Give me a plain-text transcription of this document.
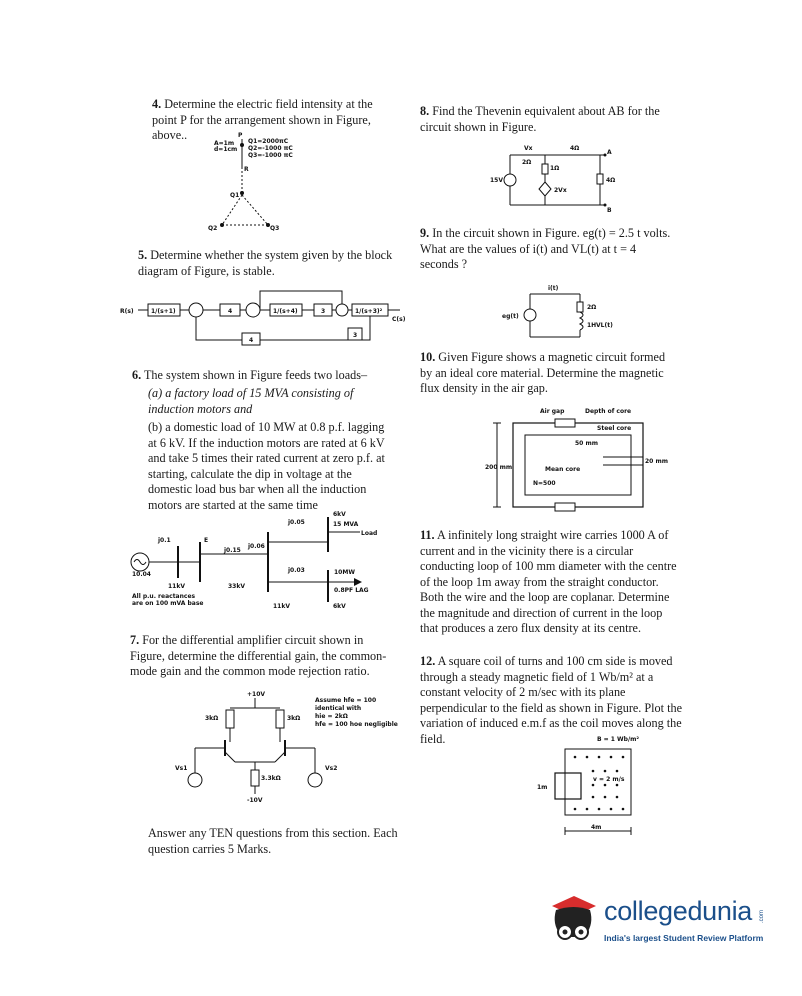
4. Determine the electric field intensity at the point P for the arrangement shown in Figure, above..	P
Q1=2000πC
Q2=-1000 πC
Q3=-1000 πC
A=1m
d=1cm
R
Q1
Q2	Q3
5. Determine whether the system given by the block diagram of Figure, is stable.
R(s)
C(s)
1/(s+1)	4	1/(s+4)	3	1/(s+3)²
4
3
6. The system shown in Figure feeds two loads–
(a) a factory load of 15 MVA consisting of induction motors and
(b) a domestic load of 10 MW at 0.8 p.f. lagging at 6 kV. If the induction motors are rated at 6 kV and take 5 times their rated current at zero p.f. at starting, calculate the dip in voltage at the domestic load bus bar when all the induction motors are started at the same time
j0.1	E
j0.15
j0.06
10.04
11kV	33kV
j0.05
6kV
15 MVA
Load
j0.03	10MW
0.8PF LAG
6kV
11kV
All p.u. reactances
are on 100 mVA base
7. For the differential amplifier circuit shown in Figure, determine the differential gain, the common-mode gain and the common mode rejection ratio.
+10V
3kΩ	3kΩ
3.3kΩ
-10V
Vs1	Vs2
Assume hfe = 100
identical with
hie = 2kΩ
hfe = 100 hoe negligible
8. Find the Thevenin equivalent about AB for the circuit shown in Figure.
A
B
4Ω
2Ω
1Ω
4Ω
15V
2Vx
Vx
9. In the circuit shown in Figure. eg(t) = 2.5 t volts. What are the values of i(t) and VL(t) at t = 4 seconds ?
i(t)
2Ω
1H VL(t)
eg(t)
10. Given Figure shows a magnetic circuit formed by an ideal core material. Determine the magnetic flux density in the air gap.
Air gap	Depth of core
Steel core
50 mm
Mean core
20 mm
200 mm
N=500
11. A infinitely long straight wire carries 1000 A of current and in the vicinity there is a circular conducting loop of 100 mm diameter with the centre of the loop 1m away from the straight conductor. Both the wire and the loop are coplanar. Determine the magnitude and direction of current in the loop that produces a zero flux density at its centre.
12. A square coil of turns and 100 cm side is moved through a steady magnetic field of 1 Wb/m² at a constant velocity of 2 m/sec with its plane perpendicular to the field as shown in Figure. Plot the variation of induced e.m.f as the coil moves along the field.	B = 1 Wb/m²
v = 2 m/s
1m
4m
Answer any TEN questions from this section. Each question carries 5 Marks.
collegedunia .com
India's largest Student Review Platform
